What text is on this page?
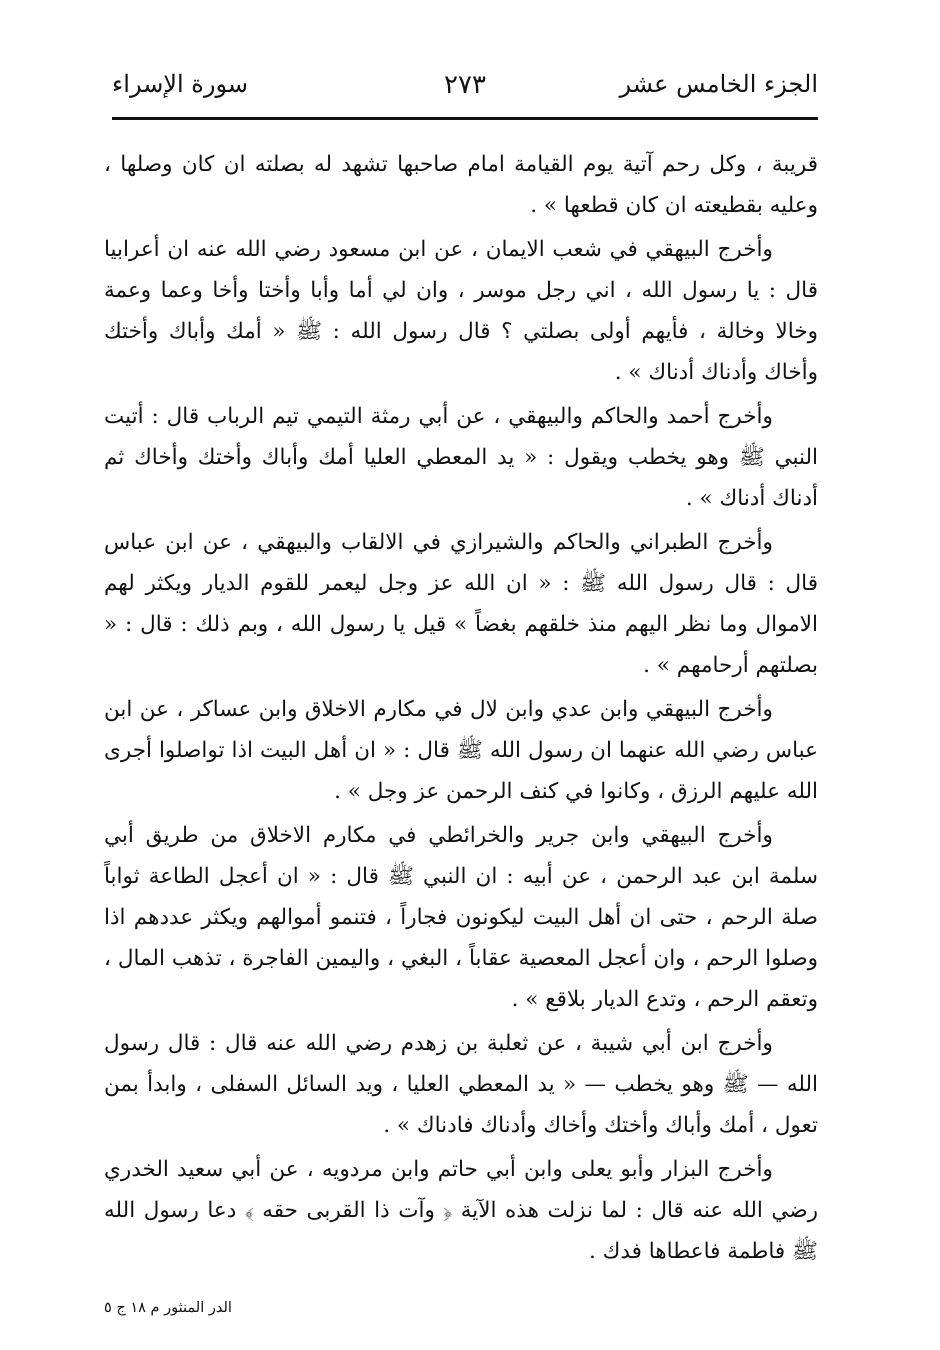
الجزء الخامس عشر
٢٧٣
سورة الإسراء

قريبة ، وكل رحم آتية يوم القيامة امام صاحبها تشهد له بصلته ان كان وصلها ، وعليه بقطيعته ان كان قطعها » .

وأخرج البيهقي في شعب الايمان ، عن ابن مسعود رضي الله عنه ان أعرابيا قال : يا رسول الله ، اني رجل موسر ، وان لي أما وأبا وأختا وأخا وعما وعمة وخالا وخالة ، فأيهم أولى بصلتي ؟ قال رسول الله : ﷺ « أمك وأباك وأختك وأخاك وأدناك أدناك » .

وأخرج أحمد والحاكم والبيهقي ، عن أبي رمثة التيمي تيم الرباب قال : أتيت النبي ﷺ وهو يخطب ويقول : « يد المعطي العليا أمك وأباك وأختك وأخاك ثم أدناك أدناك » .

وأخرج الطبراني والحاكم والشيرازي في الالقاب والبيهقي ، عن ابن عباس قال : قال رسول الله ﷺ : « ان الله عز وجل ليعمر للقوم الديار ويكثر لهم الاموال وما نظر اليهم منذ خلقهم بغضاً » قيل يا رسول الله ، وبم ذلك : قال : « بصلتهم أرحامهم » .

وأخرج البيهقي وابن عدي وابن لال في مكارم الاخلاق وابن عساكر ، عن ابن عباس رضي الله عنهما ان رسول الله ﷺ قال : « ان أهل البيت اذا تواصلوا أجرى الله عليهم الرزق ، وكانوا في كنف الرحمن عز وجل » .

وأخرج البيهقي وابن جرير والخرائطي في مكارم الاخلاق من طريق أبي سلمة ابن عبد الرحمن ، عن أبيه : ان النبي ﷺ قال : « ان أعجل الطاعة ثواباً صلة الرحم ، حتى ان أهل البيت ليكونون فجاراً ، فتنمو أموالهم ويكثر عددهم اذا وصلوا الرحم ، وان أعجل المعصية عقاباً ، البغي ، واليمين الفاجرة ، تذهب المال ، وتعقم الرحم ، وتدع الديار بلاقع » .

وأخرج ابن أبي شيبة ، عن ثعلبة بن زهدم رضي الله عنه قال : قال رسول الله — ﷺ وهو يخطب — « يد المعطي العليا ، ويد السائل السفلى ، وابدأ بمن تعول ، أمك وأباك وأختك وأخاك وأدناك فادناك » .

وأخرج البزار وأبو يعلى وابن أبي حاتم وابن مردويه ، عن أبي سعيد الخدري رضي الله عنه قال : لما نزلت هذه الآية ﴿ وآت ذا القربى حقه ﴾ دعا رسول الله ﷺ فاطمة فاعطاها فدك .

الدر المنثور م ١٨ ج ٥
